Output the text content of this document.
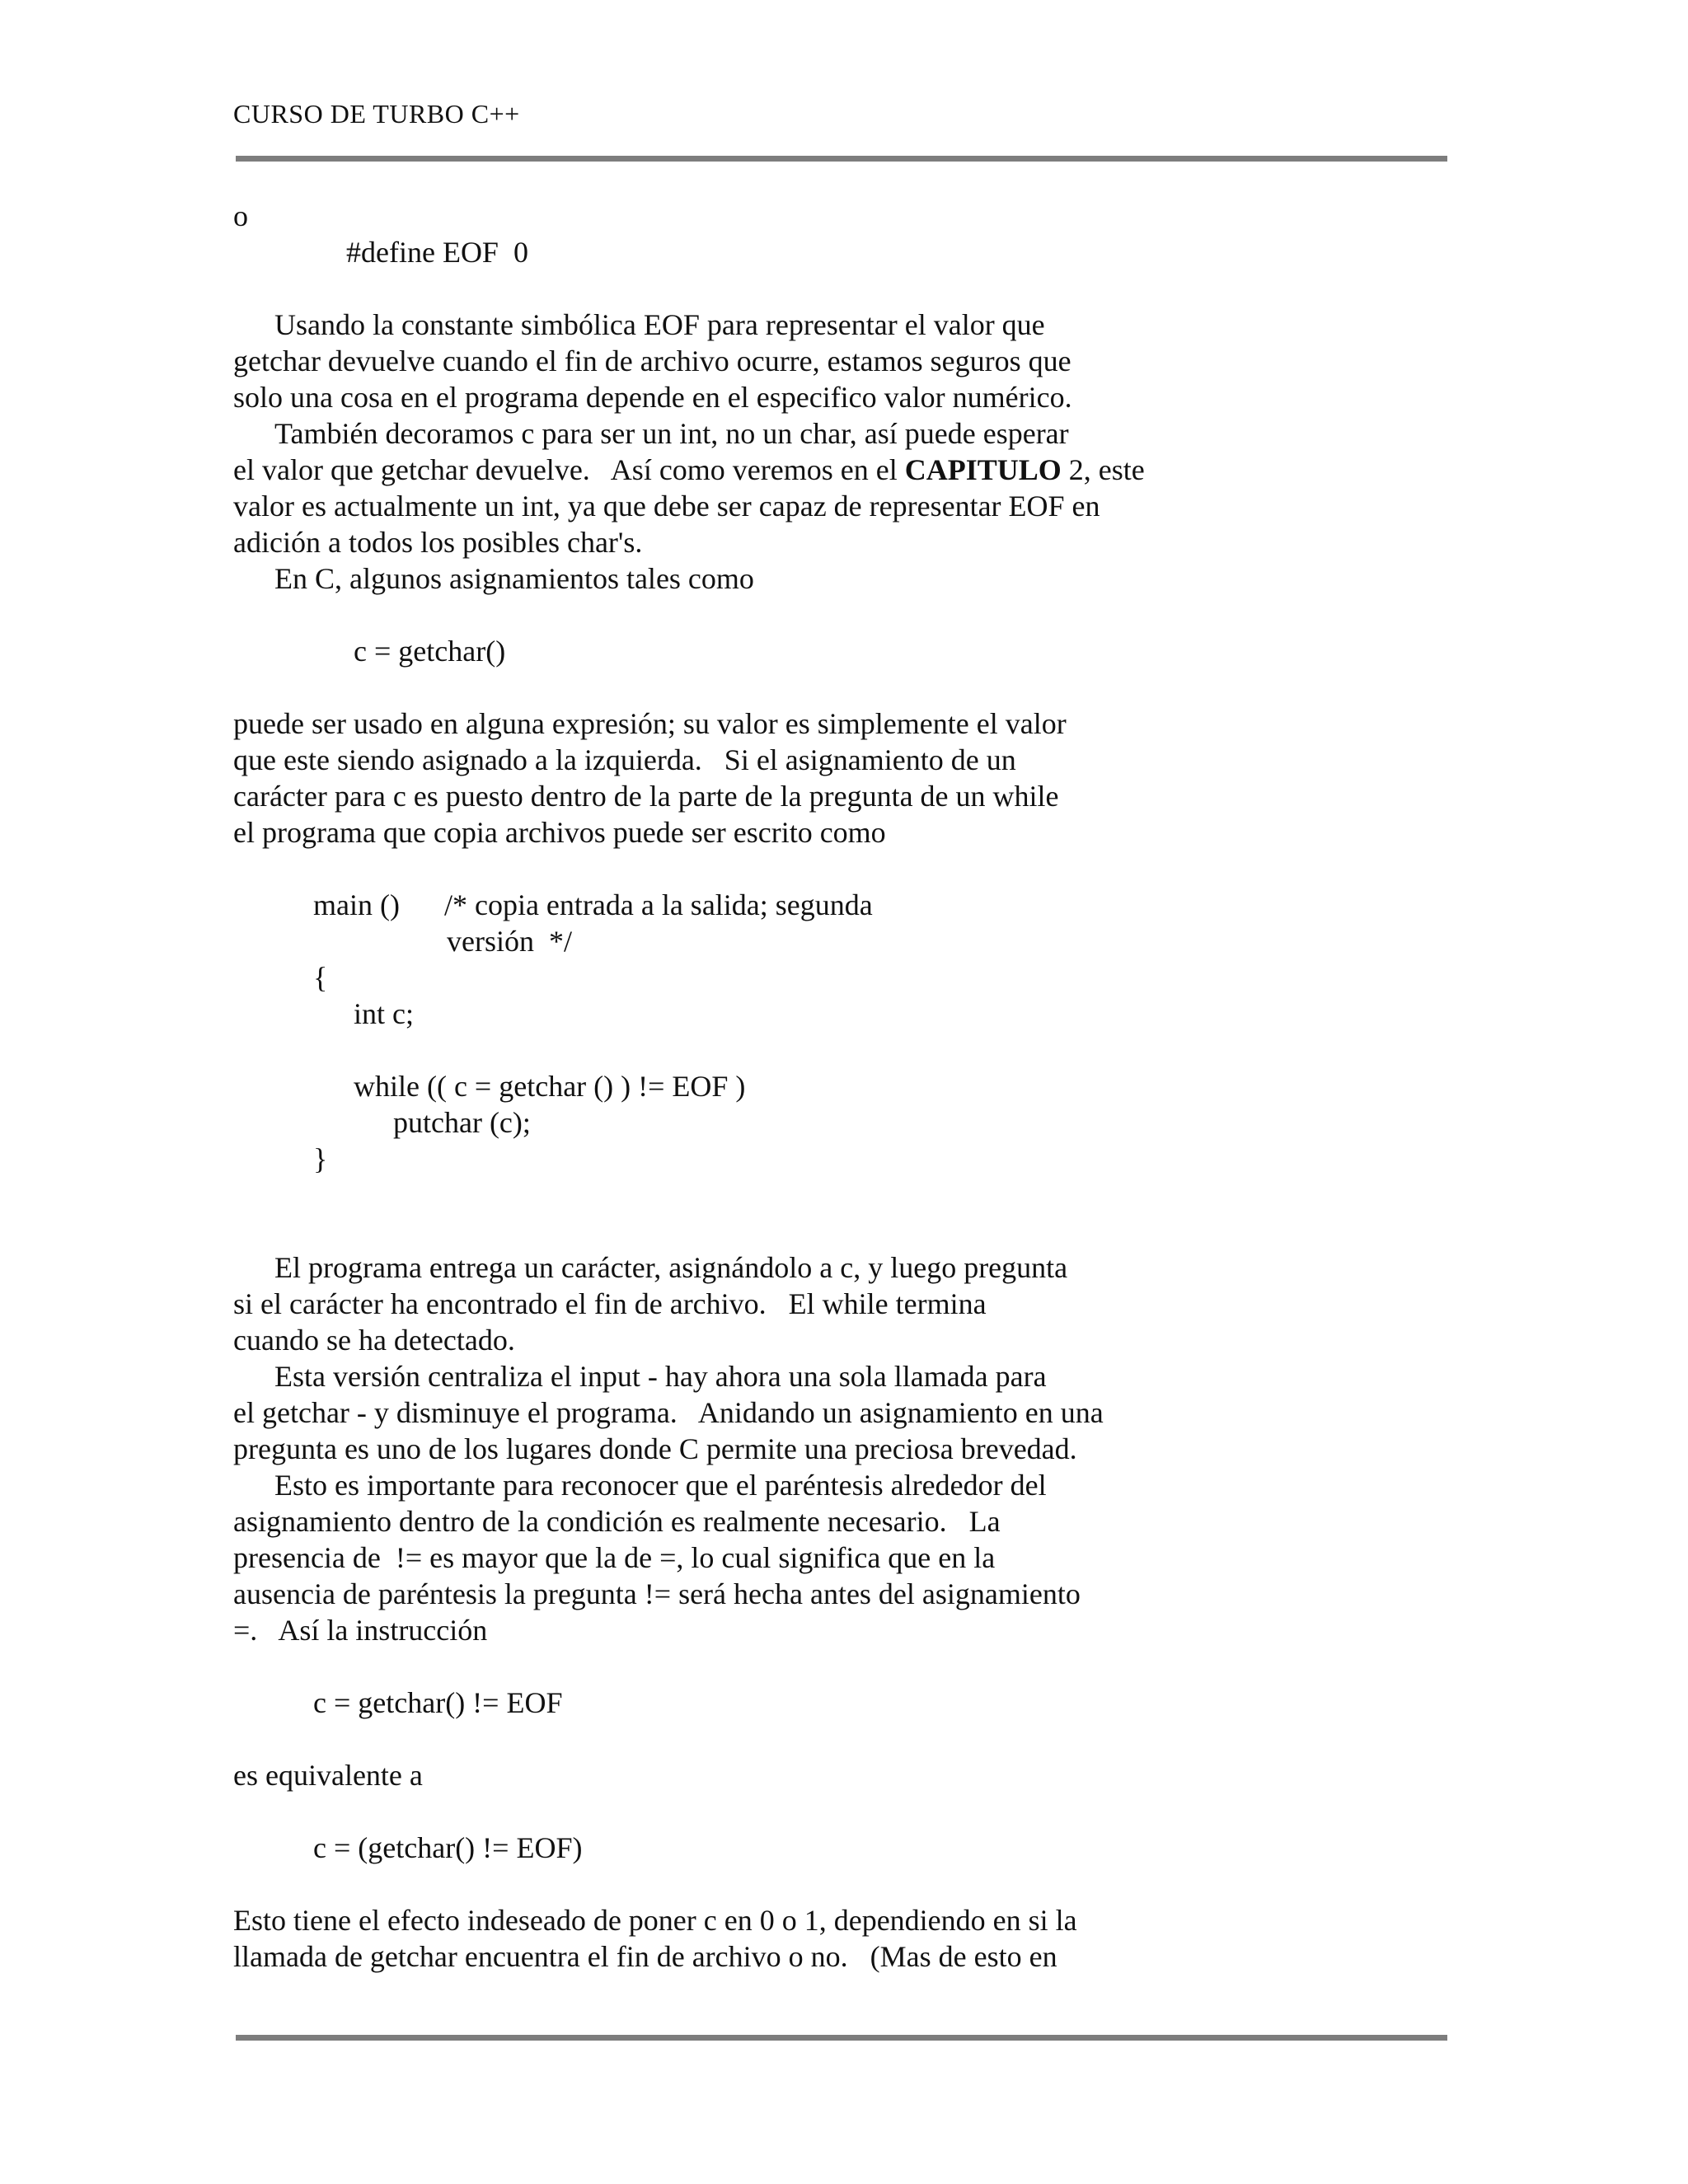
CURSO DE TURBO C++
o
#define EOF  0
Usando la constante simbólica EOF para representar el valor que
getchar devuelve cuando el fin de archivo ocurre, estamos seguros que
solo una cosa en el programa depende en el especifico valor numérico.
También decoramos c para ser un int, no un char, así puede esperar
el valor que getchar devuelve.   Así como veremos en el CAPITULO 2, este
valor es actualmente un int, ya que debe ser capaz de representar EOF en
adición a todos los posibles char's.
En C, algunos asignamientos tales como
c = getchar()
puede ser usado en alguna expresión; su valor es simplemente el valor
que este siendo asignado a la izquierda.   Si el asignamiento de un
carácter para c es puesto dentro de la parte de la pregunta de un while
el programa que copia archivos puede ser escrito como
main ()      /* copia entrada a la salida; segunda
versión  */
{
int c;
while (( c = getchar () ) != EOF )
putchar (c);
}
El programa entrega un carácter, asignándolo a c, y luego pregunta
si el carácter ha encontrado el fin de archivo.   El while termina
cuando se ha detectado.
Esta versión centraliza el input - hay ahora una sola llamada para
el getchar - y disminuye el programa.   Anidando un asignamiento en una
pregunta es uno de los lugares donde C permite una preciosa brevedad.
Esto es importante para reconocer que el paréntesis alrededor del
asignamiento dentro de la condición es realmente necesario.   La
presencia de  != es mayor que la de =, lo cual significa que en la
ausencia de paréntesis la pregunta != será hecha antes del asignamiento
=.   Así la instrucción
c = getchar() != EOF
es equivalente a
c = (getchar() != EOF)
Esto tiene el efecto indeseado de poner c en 0 o 1, dependiendo en si la
llamada de getchar encuentra el fin de archivo o no.   (Mas de esto en
